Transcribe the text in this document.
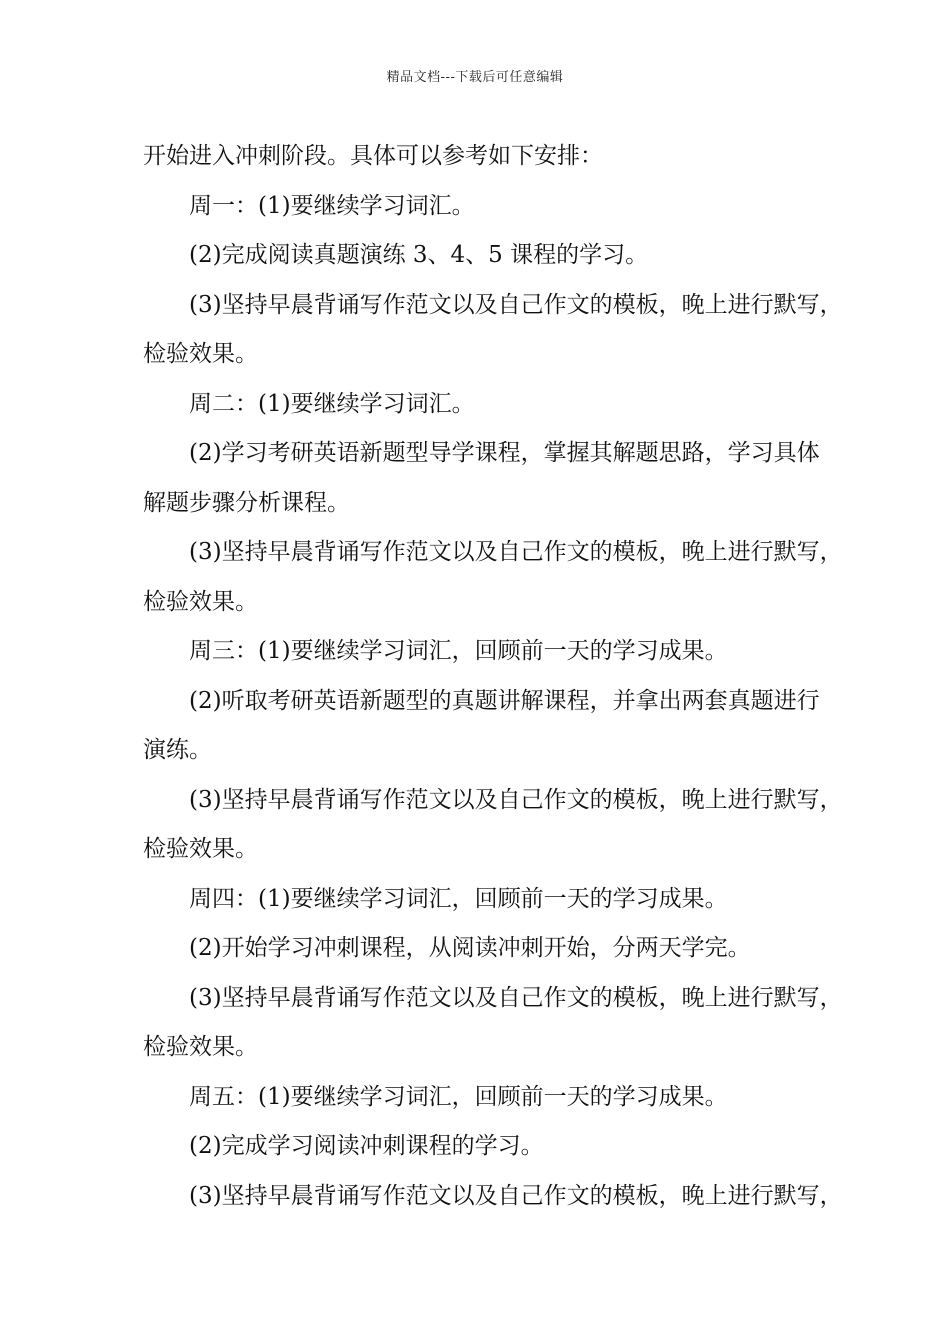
精品文档---下载后可任意编辑
开始进入冲刺阶段。具体可以参考如下安排：
周一：(1)要继续学习词汇。
(2)完成阅读真题演练 3、4、5 课程的学习。
(3)坚持早晨背诵写作范文以及自己作文的模板，晚上进行默写，
检验效果。
周二：(1)要继续学习词汇。
(2)学习考研英语新题型导学课程，掌握其解题思路，学习具体
解题步骤分析课程。
(3)坚持早晨背诵写作范文以及自己作文的模板，晚上进行默写，
检验效果。
周三：(1)要继续学习词汇，回顾前一天的学习成果。
(2)听取考研英语新题型的真题讲解课程，并拿出两套真题进行
演练。
(3)坚持早晨背诵写作范文以及自己作文的模板，晚上进行默写，
检验效果。
周四：(1)要继续学习词汇，回顾前一天的学习成果。
(2)开始学习冲刺课程，从阅读冲刺开始，分两天学完。
(3)坚持早晨背诵写作范文以及自己作文的模板，晚上进行默写，
检验效果。
周五：(1)要继续学习词汇，回顾前一天的学习成果。
(2)完成学习阅读冲刺课程的学习。
(3)坚持早晨背诵写作范文以及自己作文的模板，晚上进行默写，
